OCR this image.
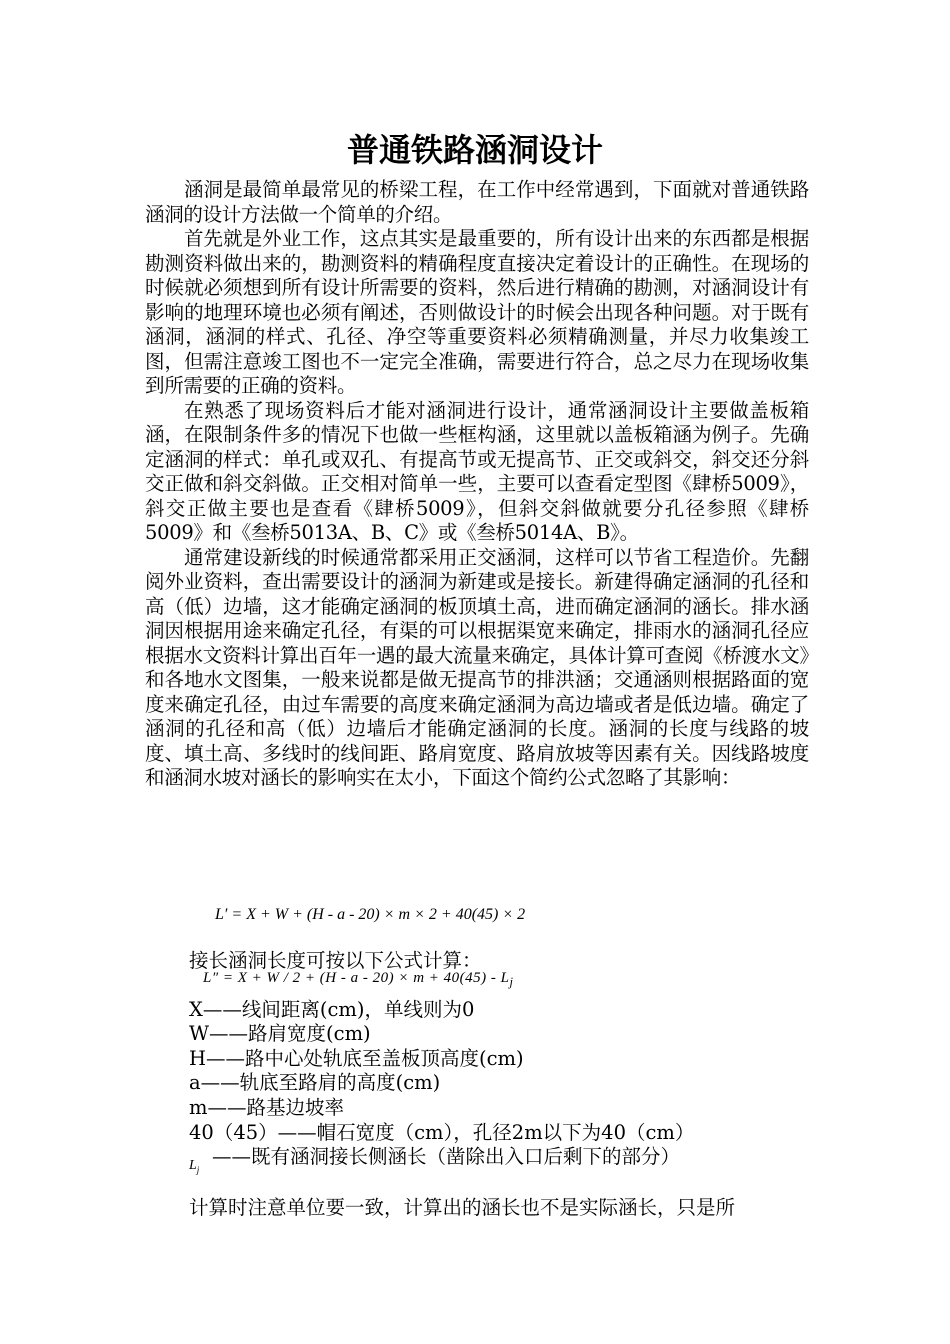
普通铁路涵洞设计

涵洞是最简单最常见的桥梁工程，在工作中经常遇到，下面就对普通铁路涵洞的设计方法做一个简单的介绍。

首先就是外业工作，这点其实是最重要的，所有设计出来的东西都是根据勘测资料做出来的，勘测资料的精确程度直接决定着设计的正确性。在现场的时候就必须想到所有设计所需要的资料，然后进行精确的勘测，对涵洞设计有影响的地理环境也必须有阐述，否则做设计的时候会出现各种问题。对于既有涵洞，涵洞的样式、孔径、净空等重要资料必须精确测量，并尽力收集竣工图，但需注意竣工图也不一定完全准确，需要进行符合，总之尽力在现场收集到所需要的正确的资料。

在熟悉了现场资料后才能对涵洞进行设计，通常涵洞设计主要做盖板箱涵，在限制条件多的情况下也做一些框构涵，这里就以盖板箱涵为例子。先确定涵洞的样式：单孔或双孔、有提高节或无提高节、正交或斜交，斜交还分斜交正做和斜交斜做。正交相对简单一些，主要可以查看定型图《肆桥5009》，斜交正做主要也是查看《肆桥5009》，但斜交斜做就要分孔径参照《肆桥5009》和《叁桥5013A、B、C》或《叁桥5014A、B》。

通常建设新线的时候通常都采用正交涵洞，这样可以节省工程造价。先翻阅外业资料，查出需要设计的涵洞为新建或是接长。新建得确定涵洞的孔径和高（低）边墙，这才能确定涵洞的板顶填土高，进而确定涵洞的涵长。排水涵洞因根据用途来确定孔径，有渠的可以根据渠宽来确定，排雨水的涵洞孔径应根据水文资料计算出百年一遇的最大流量来确定，具体计算可查阅《桥渡水文》和各地水文图集，一般来说都是做无提高节的排洪涵；交通涵则根据路面的宽度来确定孔径，由过车需要的高度来确定涵洞为高边墙或者是低边墙。确定了涵洞的孔径和高（低）边墙后才能确定涵洞的长度。涵洞的长度与线路的坡度、填土高、多线时的线间距、路肩宽度、路肩放坡等因素有关。因线路坡度和涵洞水坡对涵长的影响实在太小，下面这个简约公式忽略了其影响：

L′ = X + W + (H - a - 20) × m × 2 + 40(45) × 2
接长涵洞长度可按以下公式计算：
$L'' = X + W / 2 + (H - a - 20) \times m + 40(45) - L_j$
X——线间距离(cm)，单线则为0
W——路肩宽度(cm)
H——路中心处轨底至盖板顶高度(cm)
a——轨底至路肩的高度(cm)
m——路基边坡率
40（45）——帽石宽度（cm），孔径2m以下为40（cm）
$L_j$
——既有涵洞接长侧涵长（凿除出入口后剩下的部分）
计算时注意单位要一致，计算出的涵长也不是实际涵长，只是所
